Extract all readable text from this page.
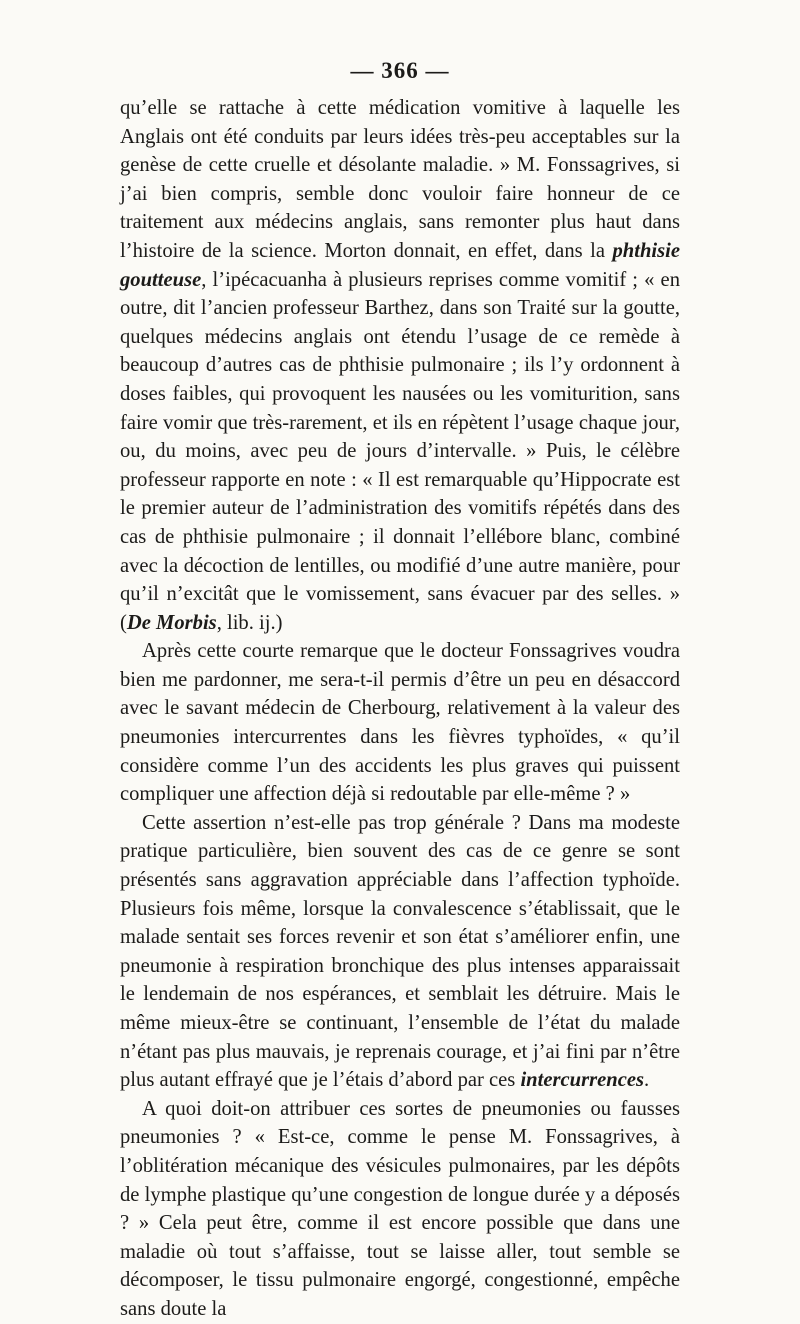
— 366 —

qu’elle se rattache à cette médication vomitive à laquelle les Anglais ont été conduits par leurs idées très-peu acceptables sur la genèse de cette cruelle et désolante maladie. » M. Fonssagrives, si j’ai bien compris, semble donc vouloir faire honneur de ce traitement aux médecins anglais, sans remonter plus haut dans l’histoire de la science. Morton donnait, en effet, dans la phthisie goutteuse, l’ipécacuanha à plusieurs reprises comme vomitif ; « en outre, dit l’ancien professeur Barthez, dans son Traité sur la goutte, quelques médecins anglais ont étendu l’usage de ce remède à beaucoup d’autres cas de phthisie pulmonaire ; ils l’y ordonnent à doses faibles, qui provoquent les nausées ou les vomiturition, sans faire vomir que très-rarement, et ils en répètent l’usage chaque jour, ou, du moins, avec peu de jours d’intervalle. » Puis, le célèbre professeur rapporte en note : « Il est remarquable qu’Hippocrate est le premier auteur de l’administration des vomitifs répétés dans des cas de phthisie pulmonaire ; il donnait l’ellébore blanc, combiné avec la décoction de lentilles, ou modifié d’une autre manière, pour qu’il n’excitât que le vomissement, sans évacuer par des selles. » (De Morbis, lib. ij.)

Après cette courte remarque que le docteur Fonssagrives voudra bien me pardonner, me sera-t-il permis d’être un peu en désaccord avec le savant médecin de Cherbourg, relativement à la valeur des pneumonies intercurrentes dans les fièvres typhoïdes, « qu’il considère comme l’un des accidents les plus graves qui puissent compliquer une affection déjà si redoutable par elle-même ? »

Cette assertion n’est-elle pas trop générale ? Dans ma modeste pratique particulière, bien souvent des cas de ce genre se sont présentés sans aggravation appréciable dans l’affection typhoïde. Plusieurs fois même, lorsque la convalescence s’établissait, que le malade sentait ses forces revenir et son état s’améliorer enfin, une pneumonie à respiration bronchique des plus intenses apparaissait le lendemain de nos espérances, et semblait les détruire. Mais le même mieux-être se continuant, l’ensemble de l’état du malade n’étant pas plus mauvais, je reprenais courage, et j’ai fini par n’être plus autant effrayé que je l’étais d’abord par ces intercurrences.

A quoi doit-on attribuer ces sortes de pneumonies ou fausses pneumonies ? « Est-ce, comme le pense M. Fonssagrives, à l’oblitération mécanique des vésicules pulmonaires, par les dépôts de lymphe plastique qu’une congestion de longue durée y a déposés ? » Cela peut être, comme il est encore possible que dans une maladie où tout s’affaisse, tout se laisse aller, tout semble se décomposer, le tissu pulmonaire engorgé, congestionné, empêche sans doute la
